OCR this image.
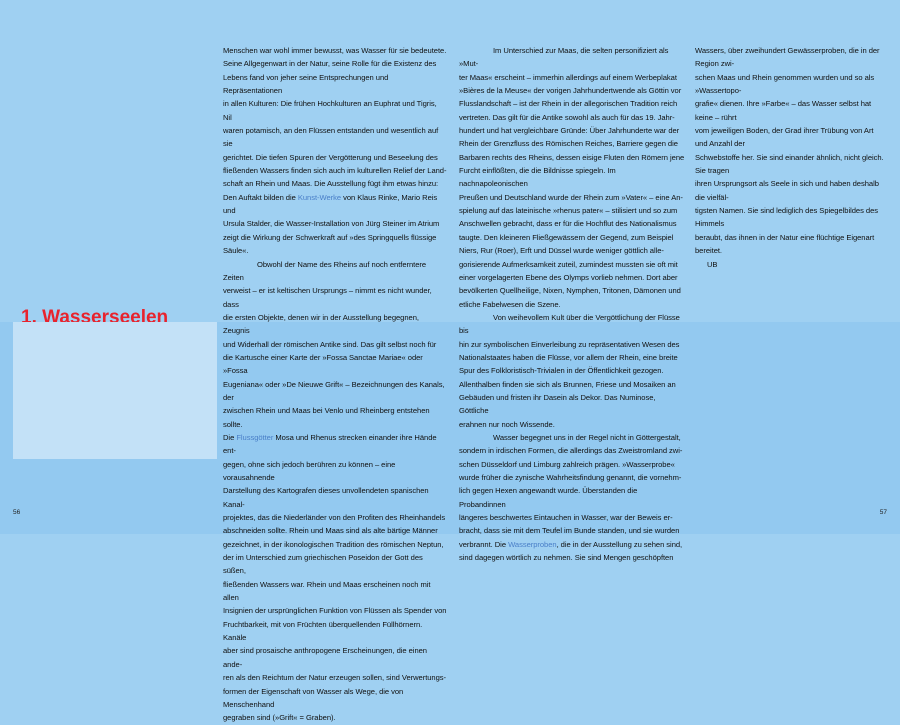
1. Wasserseelen

Menschen war wohl immer bewusst, was Wasser für sie bedeutete.
Seine Allgegenwart in der Natur, seine Rolle für die Existenz des
Lebens fand von jeher seine Entsprechungen und Repräsentationen
in allen Kulturen: Die frühen Hochkulturen an Euphrat und Tigris, Nil
waren potamisch, an den Flüssen entstanden und wesentlich auf sie
gerichtet. Die tiefen Spuren der Vergötterung und Beseelung des
fließenden Wassers finden sich auch im kulturellen Relief der Land-
schaft an Rhein und Maas. Die Ausstellung fügt ihm etwas hinzu:
Den Auftakt bilden die Kunst-Werke von Klaus Rinke, Mario Reis und
Ursula Stalder, die Wasser-Installation von Jürg Steiner im Atrium
zeigt die Wirkung der Schwerkraft auf »des Springquells flüssige
Säule«.

Obwohl der Name des Rheins auf noch entferntere Zeiten
verweist – er ist keltischen Ursprungs – nimmt es nicht wunder, dass
die ersten Objekte, denen wir in der Ausstellung begegnen, Zeugnis
und Widerhall der römischen Antike sind. Das gilt selbst noch für
die Kartusche einer Karte der »Fossa Sanctae Mariae« oder »Fossa
Eugeniana« oder »De Nieuwe Grift« – Bezeichnungen des Kanals, der
zwischen Rhein und Maas bei Venlo und Rheinberg entstehen sollte.
Die Flussgötter Mosa und Rhenus strecken einander ihre Hände ent-
gegen, ohne sich jedoch berühren zu können – eine vorausahnende
Darstellung des Kartografen dieses unvollendeten spanischen Kanal-
projektes, das die Niederländer von den Profiten des Rheinhandels
abschneiden sollte. Rhein und Maas sind als alte bärtige Männer
gezeichnet, in der ikonologischen Tradition des römischen Neptun,
der im Unterschied zum griechischen Poseidon der Gott des süßen,
fließenden Wassers war. Rhein und Maas erscheinen noch mit allen
Insignien der ursprünglichen Funktion von Flüssen als Spender von
Fruchtbarkeit, mit von Früchten überquellenden Füllhörnern. Kanäle
aber sind prosaische anthropogene Erscheinungen, die einen ande-
ren als den Reichtum der Natur erzeugen sollen, sind Verwertungs-
formen der Eigenschaft von Wasser als Wege, die von Menschenhand
gegraben sind (»Grift« = Graben).

Im Unterschied zur Maas, die selten personifiziert als »Mut-
ter Maas« erscheint – immerhin allerdings auf einem Werbeplakat
»Bières de la Meuse« der vorigen Jahrhundertwende als Göttin vor
Flusslandschaft – ist der Rhein in der allegorischen Tradition reich
vertreten. Das gilt für die Antike sowohl als auch für das 19. Jahr-
hundert und hat vergleichbare Gründe: Über Jahrhunderte war der
Rhein der Grenzfluss des Römischen Reiches, Barriere gegen die
Barbaren rechts des Rheins, dessen eisige Fluten den Römern jene
Furcht einflößten, die die Bildnisse spiegeln. Im nachnapoleonischen
Preußen und Deutschland wurde der Rhein zum »Vater« – eine An-
spielung auf das lateinische »rhenus pater« – stilisiert und so zum
Anschwellen gebracht, dass er für die Hochflut des Nationalismus
taugte. Den kleineren Fließgewässern der Gegend, zum Beispiel
Niers, Rur (Roer), Erft und Düssel wurde weniger göttlich alle-
gorisierende Aufmerksamkeit zuteil, zumindest mussten sie oft mit
einer vorgelagerten Ebene des Olymps vorlieb nehmen. Dort aber
bevölkerten Quellheilige, Nixen, Nymphen, Tritonen, Dämonen und
etliche Fabelwesen die Szene.

Von weihevollem Kult über die Vergöttlichung der Flüsse bis
hin zur symbolischen Einverleibung zu repräsentativen Wesen des
Nationalstaates haben die Flüsse, vor allem der Rhein, eine breite
Spur des Folkloristisch-Trivialen in der Öffentlichkeit gezogen.
Allenthalben finden sie sich als Brunnen, Friese und Mosaiken an
Gebäuden und fristen ihr Dasein als Dekor. Das Numinose, Göttliche
erahnen nur noch Wissende.

Wasser begegnet uns in der Regel nicht in Göttergestalt,
sondern in irdischen Formen, die allerdings das Zweistromland zwi-
schen Düsseldorf und Limburg zahlreich prägen. »Wasserprobe«
wurde früher die zynische Wahrheitsfindung genannt, die vornehm-
lich gegen Hexen angewandt wurde. Überstanden die Probandinnen
längeres beschwertes Eintauchen in Wasser, war der Beweis er-
bracht, dass sie mit dem Teufel im Bunde standen, und sie wurden
verbrannt. Die Wasserproben, die in der Ausstellung zu sehen sind,
sind dagegen wörtlich zu nehmen. Sie sind Mengen geschöpften

Wassers, über zweihundert Gewässerproben, die in der Region zwi-
schen Maas und Rhein genommen wurden und so als »Wassertopo-
grafie« dienen. Ihre »Farbe« – das Wasser selbst hat keine – rührt
vom jeweiligen Boden, der Grad ihrer Trübung von Art und Anzahl der
Schwebstoffe her. Sie sind einander ähnlich, nicht gleich. Sie tragen
ihren Ursprungsort als Seele in sich und haben deshalb die vielfäl-
tigsten Namen. Sie sind lediglich des Spiegelbildes des Himmels
beraubt, das ihnen in der Natur eine flüchtige Eigenart bereitet.
UB

56	57
